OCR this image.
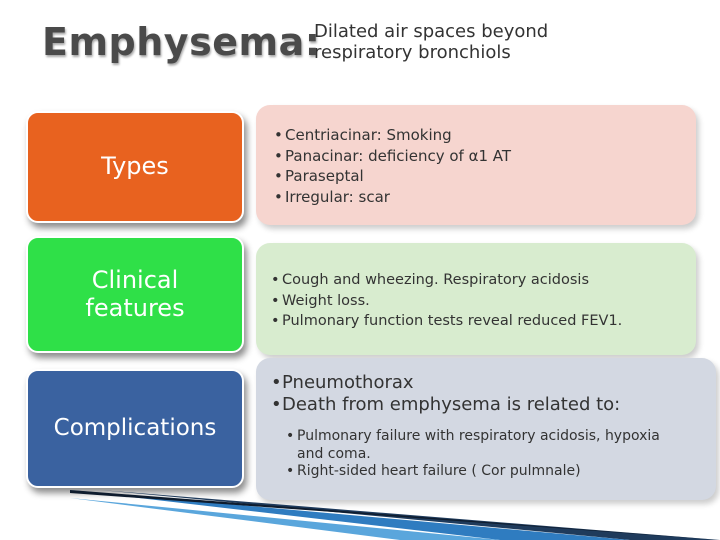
Emphysema:
Dilated air spaces beyond
respiratory bronchiols
• Centriacinar: Smoking
• Panacinar: deficiency of α1 AT
• Paraseptal
• Irregular: scar
Types
• Cough and wheezing. Respiratory acidosis
• Weight loss.
• Pulmonary function tests reveal reduced FEV1.
Clinical
features
• Pneumothorax
• Death from emphysema is related to:
• Pulmonary failure with respiratory acidosis, hypoxia and coma.
• Right-sided heart failure ( Cor pulmnale)
Complications
